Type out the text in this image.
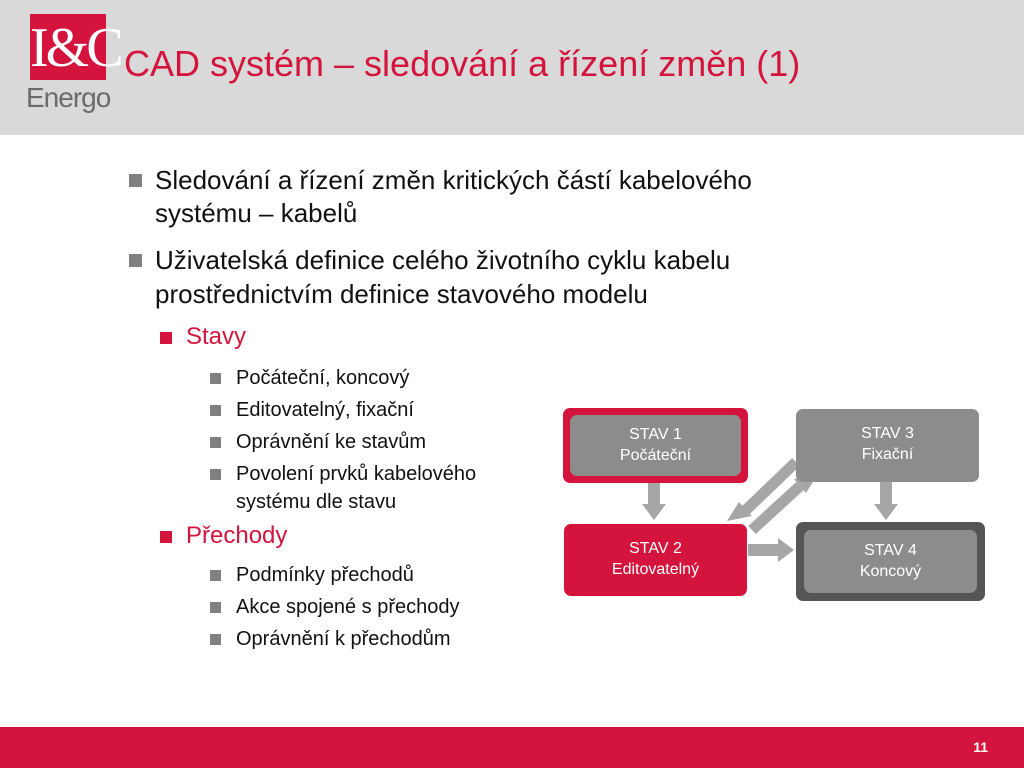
I&C
Energo
CAD systém – sledování a řízení změn (1)
Sledování a řízení změn kritických částí kabelového
systému – kabelů
Uživatelská definice celého životního cyklu kabelu
prostřednictvím definice stavového modelu
Stavy
Počáteční, koncový
Editovatelný, fixační
Oprávnění ke stavům
Povolení prvků kabelového
systému dle stavu
Přechody
Podmínky přechodů
Akce spojené s přechody
Oprávnění k přechodům
STAV 1
Počáteční
STAV 3
Fixační
STAV 2
Editovatelný
STAV 4
Koncový
11
